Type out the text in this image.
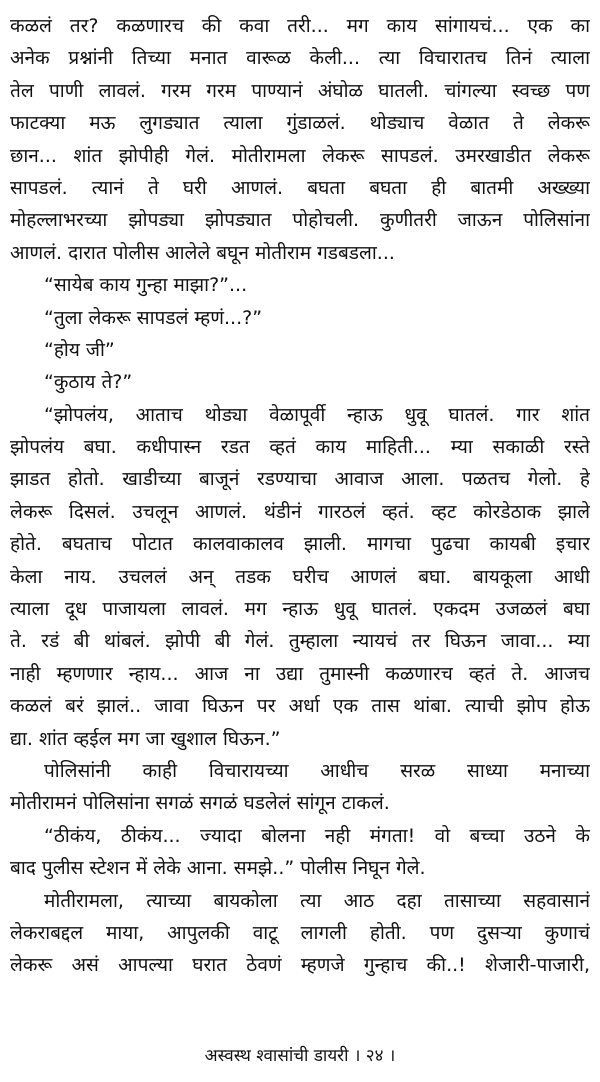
कळलं तर? कळणारच की कवा तरी... मग काय सांगायचं... एक का
अनेक प्रश्नांनी तिच्या मनात वारूळ केली... त्या विचारातच तिनं त्याला
तेल पाणी लावलं. गरम गरम पाण्यानं अंघोळ घातली. चांगल्या स्वच्छ पण
फाटक्या मऊ लुगड्यात त्याला गुंडाळलं. थोड्याच वेळात ते लेकरू
छान... शांत झोपीही गेलं. मोतीरामला लेकरू सापडलं. उमरखाडीत लेकरू
सापडलं. त्यानं ते घरी आणलं. बघता बघता ही बातमी अख्ख्या
मोहल्लाभरच्या झोपड्या झोपड्यात पोहोचली. कुणीतरी जाऊन पोलिसांना
आणलं. दारात पोलीस आलेले बघून मोतीराम गडबडला...
“सायेब काय गुन्हा माझा?”...
“तुला लेकरू सापडलं म्हणं...?”
“होय जी”
“कुठाय ते?”
“झोपलंय, आताच थोड्या वेळापूर्वी न्हाऊ धुवू घातलं. गार शांत
झोपलंय बघा. कधीपास्न रडत व्हतं काय माहिती... म्या सकाळी रस्ते
झाडत होतो. खाडीच्या बाजूनं रडण्याचा आवाज आला. पळतच गेलो. हे
लेकरू दिसलं. उचलून आणलं. थंडीनं गारठलं व्हतं. व्हट कोरडेठाक झाले
होते. बघताच पोटात कालवाकालव झाली. मागचा पुढचा कायबी इचार
केला नाय. उचललं अन् तडक घरीच आणलं बघा. बायकूला आधी
त्याला दूध पाजायला लावलं. मग न्हाऊ धुवू घातलं. एकदम उजळलं बघा
ते. रडं बी थांबलं. झोपी बी गेलं. तुम्हाला न्यायचं तर घिऊन जावा... म्या
नाही म्हणणार न्हाय... आज ना उद्या तुमास्नी कळणारच व्हतं ते. आजच
कळलं बरं झालं.. जावा घिऊन पर अर्धा एक तास थांबा. त्याची झोप होऊ
द्या. शांत व्हईल मग जा खुशाल घिऊन.”
पोलिसांनी काही विचारायच्या आधीच सरळ साध्या मनाच्या
मोतीरामनं पोलिसांना सगळं सगळं घडलेलं सांगून टाकलं.
“ठीकंय, ठीकंय... ज्यादा बोलना नही मंगता! वो बच्चा उठने के
बाद पुलीस स्टेशन में लेके आना. समझे..” पोलीस निघून गेले.
मोतीरामला, त्याच्या बायकोला त्या आठ दहा तासाच्या सहवासानं
लेकराबद्दल माया, आपुलकी वाटू लागली होती. पण दुसऱ्या कुणाचं
लेकरू असं आपल्या घरात ठेवणं म्हणजे गुन्हाच की..! शेजारी-पाजारी,
अस्वस्थ श्वासांची डायरी । २४ ।
